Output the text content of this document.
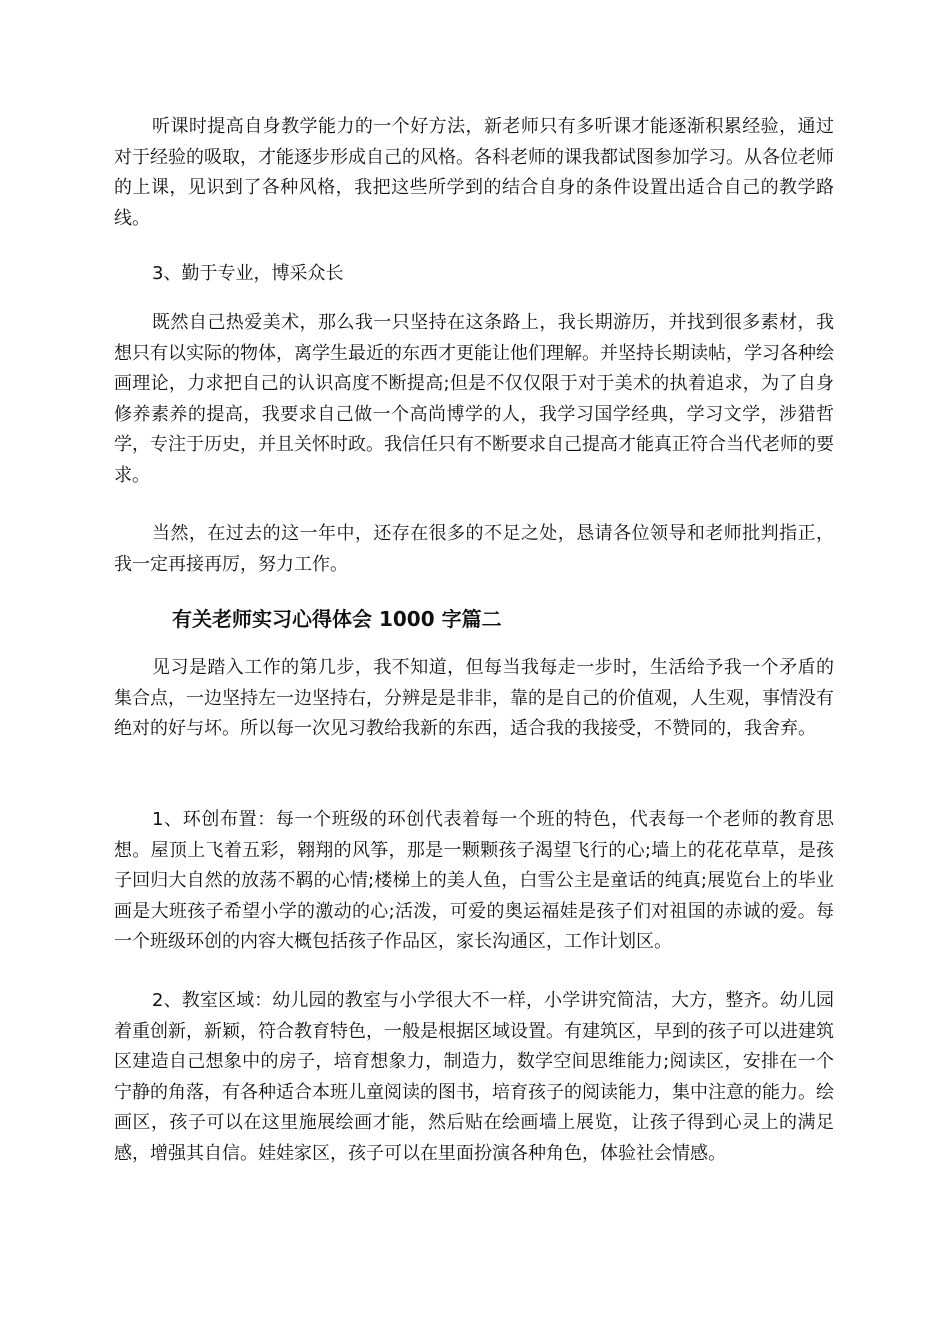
听课时提高自身教学能力的一个好方法，新老师只有多听课才能逐渐积累经验，通过对于经验的吸取，才能逐步形成自己的风格。各科老师的课我都试图参加学习。从各位老师的上课，见识到了各种风格，我把这些所学到的结合自身的条件设置出适合自己的教学路线。

3、勤于专业，博采众长

既然自己热爱美术，那么我一只坚持在这条路上，我长期游历，并找到很多素材，我想只有以实际的物体，离学生最近的东西才更能让他们理解。并坚持长期读帖，学习各种绘画理论，力求把自己的认识高度不断提高;但是不仅仅限于对于美术的执着追求，为了自身修养素养的提高，我要求自己做一个高尚博学的人，我学习国学经典，学习文学，涉猎哲学，专注于历史，并且关怀时政。我信任只有不断要求自己提高才能真正符合当代老师的要求。

当然，在过去的这一年中，还存在很多的不足之处，恳请各位领导和老师批判指正，我一定再接再厉，努力工作。

有关老师实习心得体会 1000 字篇二

见习是踏入工作的第几步，我不知道，但每当我每走一步时，生活给予我一个矛盾的集合点，一边坚持左一边坚持右，分辨是是非非，靠的是自己的价值观，人生观，事情没有绝对的好与坏。所以每一次见习教给我新的东西，适合我的我接受，不赞同的，我舍弃。

1、环创布置：每一个班级的环创代表着每一个班的特色，代表每一个老师的教育思想。屋顶上飞着五彩，翱翔的风筝，那是一颗颗孩子渴望飞行的心;墙上的花花草草，是孩子回归大自然的放荡不羁的心情;楼梯上的美人鱼，白雪公主是童话的纯真;展览台上的毕业画是大班孩子希望小学的激动的心;活泼，可爱的奥运福娃是孩子们对祖国的赤诚的爱。每一个班级环创的内容大概包括孩子作品区，家长沟通区，工作计划区。

2、教室区域：幼儿园的教室与小学很大不一样，小学讲究简洁，大方，整齐。幼儿园着重创新，新颖，符合教育特色，一般是根据区域设置。有建筑区，早到的孩子可以进建筑区建造自己想象中的房子，培育想象力，制造力，数学空间思维能力;阅读区，安排在一个宁静的角落，有各种适合本班儿童阅读的图书，培育孩子的阅读能力，集中注意的能力。绘画区，孩子可以在这里施展绘画才能，然后贴在绘画墙上展览，让孩子得到心灵上的满足感，增强其自信。娃娃家区，孩子可以在里面扮演各种角色，体验社会情感。
